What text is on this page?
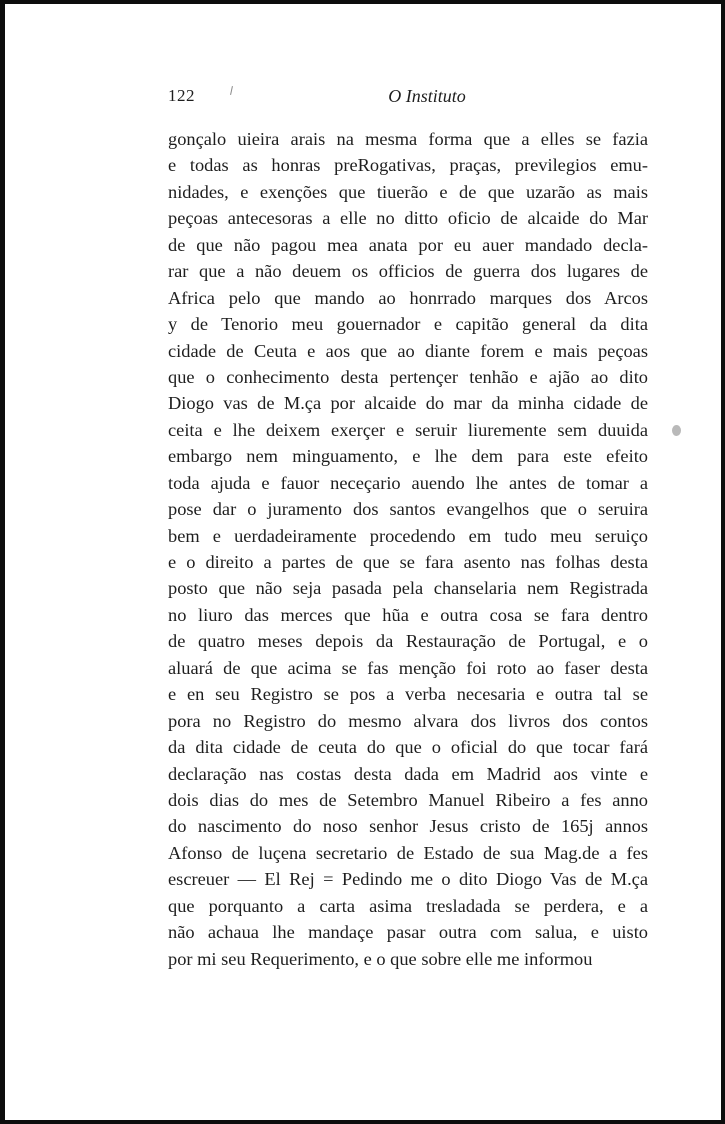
122	O Instituto
gonçalo uieira arais na mesma forma que a elles se fazia
e todas as honras preRogativas, praças, previlegios emu-
nidades, e exenções que tiuerão e de que uzarão as mais
peçoas antecesoras a elle no ditto oficio de alcaide do Mar
de que não pagou mea anata por eu auer mandado decla-
rar que a não deuem os officios de guerra dos lugares de
Africa pelo que mando ao honrrado marques dos Arcos
y de Tenorio meu gouernador e capitão general da dita
cidade de Ceuta e aos que ao diante forem e mais peçoas
que o conhecimento desta pertençer tenhão e ajão ao dito
Diogo vas de M.ça por alcaide do mar da minha cidade de
ceita e lhe deixem exerçer e seruir liuremente sem duuida
embargo nem minguamento, e lhe dem para este efeito
toda ajuda e fauor neceçario auendo lhe antes de tomar a
pose dar o juramento dos santos evangelhos que o seruira
bem e uerdadeiramente procedendo em tudo meu seruiço
e o direito a partes de que se fara asento nas folhas desta
posto que não seja pasada pela chanselaria nem Registrada
no liuro das merces que hũa e outra cosa se fara dentro
de quatro meses depois da Restauração de Portugal, e o
aluará de que acima se fas menção foi roto ao faser desta
e en seu Registro se pos a verba necesaria e outra tal se
pora no Registro do mesmo alvara dos livros dos contos
da dita cidade de ceuta do que o oficial do que tocar fará
declaração nas costas desta dada em Madrid aos vinte e
dois dias do mes de Setembro Manuel Ribeiro a fes anno
do nascimento do noso senhor Jesus cristo de 165j annos
Afonso de luçena secretario de Estado de sua Mag.de a fes
escreuer — El Rej = Pedindo me o dito Diogo Vas de M.ça
que porquanto a carta asima tresladada se perdera, e a
não achaua lhe mandaçe pasar outra com salua, e uisto
por mi seu Requerimento, e o que sobre elle me informou
